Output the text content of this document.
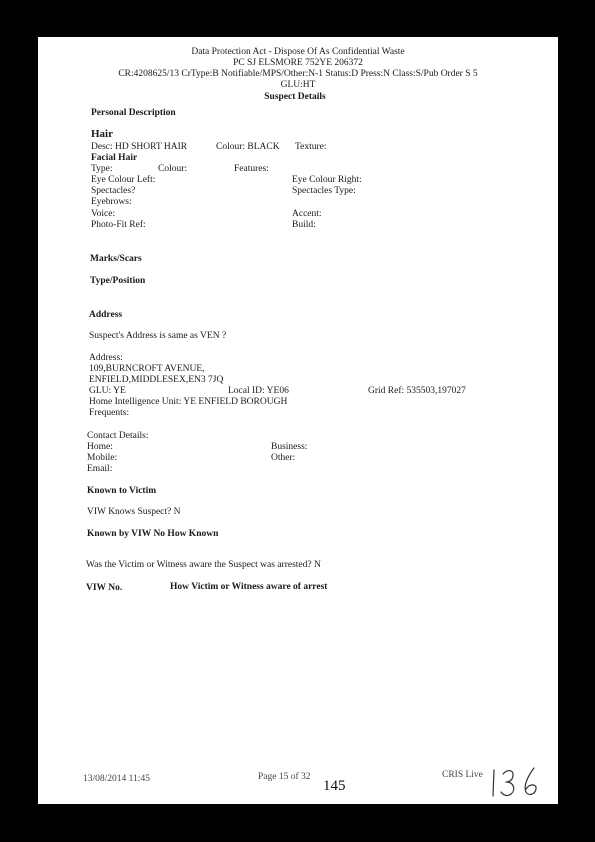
Data Protection Act - Dispose Of As Confidential Waste
PC SJ ELSMORE 752YE 206372
CR:4208625/13 CrType:B Notifiable/MPS/Other:N-1 Status:D Press:N Class:S/Pub Order S 5
GLU:HT
Suspect Details
Personal Description
Hair
Desc: HD SHORT HAIR	Colour: BLACK Texture:
Facial Hair
Type:	Colour:	Features:
Eye Colour Left:	Eye Colour Right:
Spectacles?	Spectacles Type:
Eyebrows:
Voice:	Accent:
Photo-Fit Ref:	Build:
Marks/Scars
Type/Position
Address
Suspect's Address is same as VEN ?
Address:
109,BURNCROFT AVENUE,
ENFIELD,MIDDLESEX,EN3 7JQ
GLU: YE	Local ID: YE06	Grid Ref: 535503,197027
Home Intelligence Unit: YE ENFIELD BOROUGH
Frequents:
Contact Details:
Home:	Business:
Mobile:	Other:
Email:
Known to Victim
VIW Knows Suspect? N
Known by VIW No How Known
Was the Victim or Witness aware the Suspect was arrested? N
VIW No.	How Victim or Witness aware of arrest
13/08/2014 11:45	Page 15 of 32
145
CRIS Live
